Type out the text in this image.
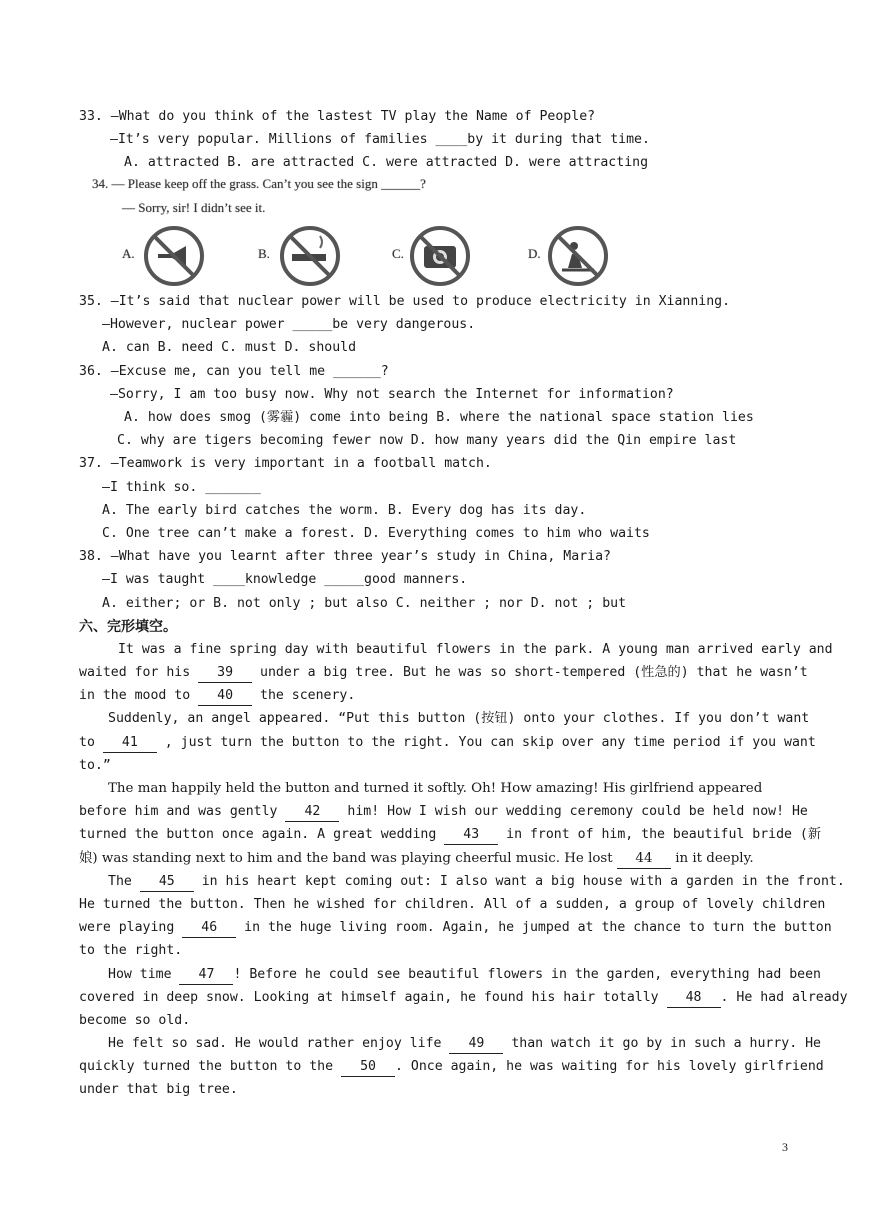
33. —What do you think of the lastest TV play the Name of People?
—It’s very popular. Millions of families ____by it during that time.
A. attracted B. are attracted C. were attracted D. were attracting
34. — Please keep off the grass. Can’t you see the sign ______?
— Sorry, sir! I didn’t see it.
A.	B.	C.	D.
35. —It’s said that nuclear power will be used to produce electricity in Xianning.
—However, nuclear power _____be very dangerous.
A. can B. need C. must D. should
36. —Excuse me, can you tell me ______?
—Sorry, I am too busy now. Why not search the Internet for information?
A. how does smog (雾霾) come into being B. where the national space station lies
C. why are tigers becoming fewer now D. how many years did the Qin empire last
37. —Teamwork is very important in a football match.
—I think so. _______
A. The early bird catches the worm. B. Every dog has its day.
C. One tree can’t make a forest. D. Everything comes to him who waits
38. —What have you learnt after three year’s study in China, Maria?
—I was taught ____knowledge _____good manners.
A. either; or B. not only ; but also C. neither ; nor D. not ; but
六、完形填空。
It was a fine spring day with beautiful flowers in the park. A young man arrived early and
waited for his 39 under a big tree. But he was so short-tempered (性急的) that he wasn’t
in the mood to 40 the scenery.
Suddenly, an angel appeared. “Put this button (按钮) onto your clothes. If you don’t want
to 41 , just turn the button to the right. You can skip over any time period if you want
to.”
The man happily held the button and turned it softly. Oh! How amazing! His girlfriend appeared
before him and was gently 42 him! How I wish our wedding ceremony could be held now! He
turned the button once again. A great wedding 43 in front of him, the beautiful bride (新
娘) was standing next to him and the band was playing cheerful music. He lost 44 in it deeply.
The 45 in his heart kept coming out: I also want a big house with a garden in the front.
He turned the button. Then he wished for children. All of a sudden, a group of lovely children
were playing 46 in the huge living room. Again, he jumped at the chance to turn the button
to the right.
How time 47 ! Before he could see beautiful flowers in the garden, everything had been
covered in deep snow. Looking at himself again, he found his hair totally 48 . He had already
become so old.
He felt so sad. He would rather enjoy life 49 than watch it go by in such a hurry. He
quickly turned the button to the 50 . Once again, he was waiting for his lovely girlfriend
under that big tree.
3
